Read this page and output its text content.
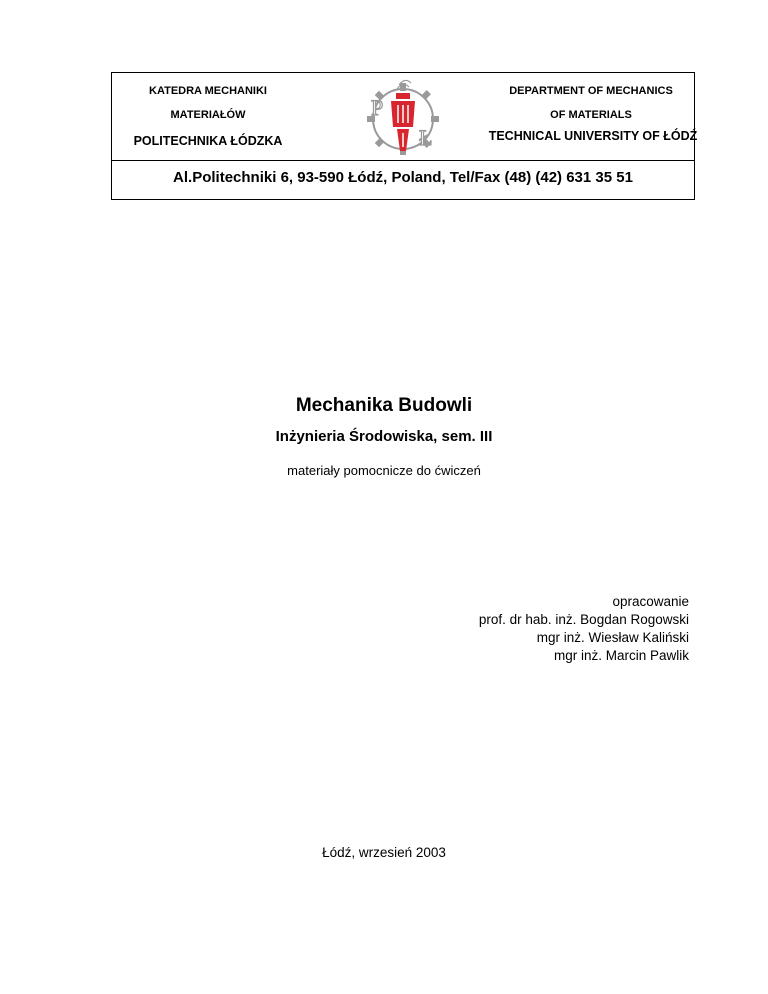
KATEDRA MECHANIKI
MATERIAŁÓW
POLITECHNIKA ŁÓDZKA
DEPARTMENT OF MECHANICS
OF MATERIALS
TECHNICAL UNIVERSITY OF ŁÓDŹ
P
Ł
Al.Politechniki 6, 93-590 Łódź, Poland, Tel/Fax (48) (42) 631 35 51
Mechanika Budowli
Inżynieria Środowiska, sem. III
materiały pomocnicze do ćwiczeń
opracowanie
prof. dr hab. inż. Bogdan Rogowski
mgr inż. Wiesław Kaliński
mgr inż. Marcin Pawlik
Łódź, wrzesień 2003
